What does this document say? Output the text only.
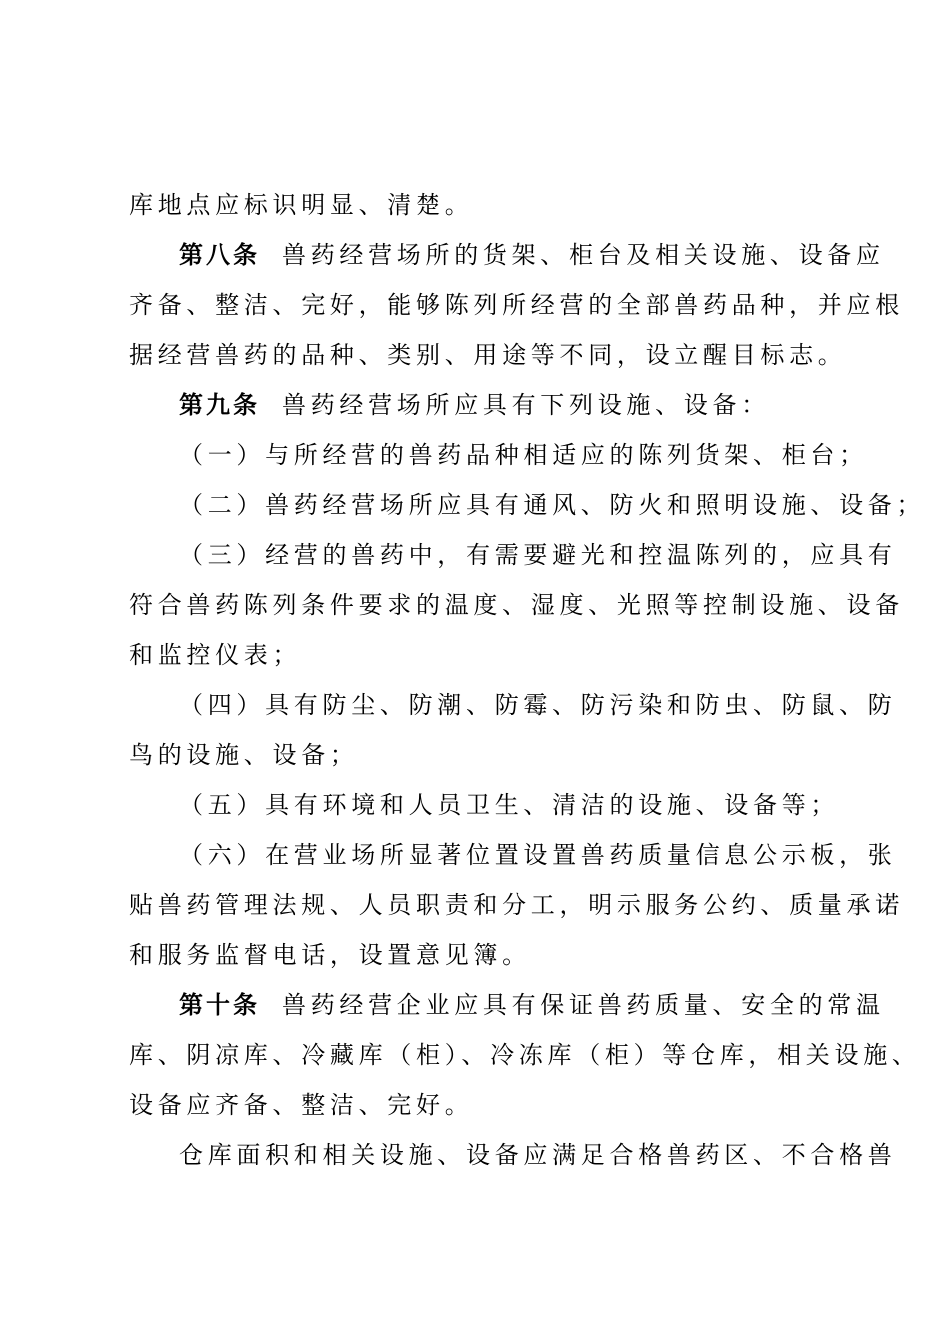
库地点应标识明显、清楚。

第八条 兽药经营场所的货架、柜台及相关设施、设备应

齐备、整洁、完好，能够陈列所经营的全部兽药品种，并应根

据经营兽药的品种、类别、用途等不同，设立醒目标志。

第九条 兽药经营场所应具有下列设施、设备：

（一）与所经营的兽药品种相适应的陈列货架、柜台；

（二）兽药经营场所应具有通风、防火和照明设施、设备；

（三）经营的兽药中，有需要避光和控温陈列的，应具有

符合兽药陈列条件要求的温度、湿度、光照等控制设施、设备

和监控仪表；

（四）具有防尘、防潮、防霉、防污染和防虫、防鼠、防

鸟的设施、设备；

（五）具有环境和人员卫生、清洁的设施、设备等；

（六）在营业场所显著位置设置兽药质量信息公示板，张

贴兽药管理法规、人员职责和分工，明示服务公约、质量承诺

和服务监督电话，设置意见簿。

第十条 兽药经营企业应具有保证兽药质量、安全的常温

库、阴凉库、冷藏库（柜）、冷冻库（柜）等仓库，相关设施、

设备应齐备、整洁、完好。

仓库面积和相关设施、设备应满足合格兽药区、不合格兽
